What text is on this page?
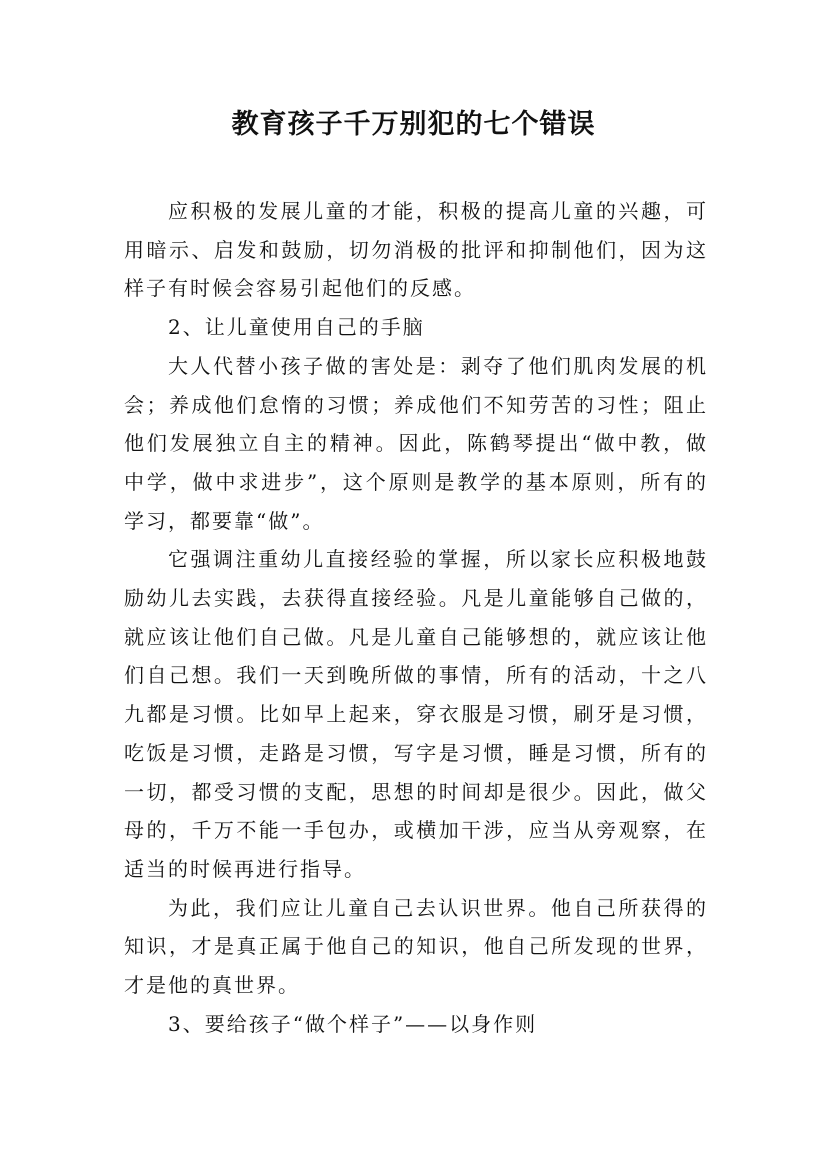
教育孩子千万别犯的七个错误

应积极的发展儿童的才能，积极的提高儿童的兴趣，可用暗示、启发和鼓励，切勿消极的批评和抑制他们，因为这样子有时候会容易引起他们的反感。

2、让儿童使用自己的手脑

大人代替小孩子做的害处是：剥夺了他们肌肉发展的机会；养成他们怠惰的习惯；养成他们不知劳苦的习性；阻止他们发展独立自主的精神。因此，陈鹤琴提出“做中教，做中学，做中求进步”，这个原则是教学的基本原则，所有的学习，都要靠“做”。

它强调注重幼儿直接经验的掌握，所以家长应积极地鼓励幼儿去实践，去获得直接经验。凡是儿童能够自己做的，就应该让他们自己做。凡是儿童自己能够想的，就应该让他们自己想。我们一天到晚所做的事情，所有的活动，十之八九都是习惯。比如早上起来，穿衣服是习惯，刷牙是习惯，吃饭是习惯，走路是习惯，写字是习惯，睡是习惯，所有的一切，都受习惯的支配，思想的时间却是很少。因此，做父母的，千万不能一手包办，或横加干涉，应当从旁观察，在适当的时候再进行指导。

为此，我们应让儿童自己去认识世界。他自己所获得的知识，才是真正属于他自己的知识，他自己所发现的世界，才是他的真世界。

3、要给孩子“做个样子”——以身作则
